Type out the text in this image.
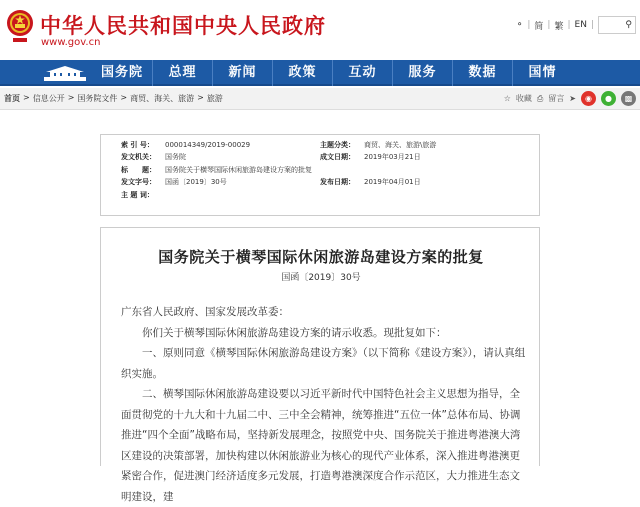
中华人民共和国中央人民政府
www.gov.cn
⚬ | 简 | 繁 | EN |	⚲
国务院	总理	新闻	政策	互动	服务	数据	国情
首页 > 信息公开 > 国务院文件 > 商贸、海关、旅游 > 旅游	☆ 收藏 ⎙ 留言 ➤	◉	●	▩
索 引 号：	000014349/2019-00029	主题分类：	商贸、海关、旅游\旅游
发文机关：	国务院	成文日期：	2019年03月21日
标　　题：	国务院关于横琴国际休闲旅游岛建设方案的批复
发文字号：	国函〔2019〕30号	发布日期：	2019年04月01日
主 题 词：
国务院关于横琴国际休闲旅游岛建设方案的批复
国函〔2019〕30号

广东省人民政府、国家发展改革委：

你们关于横琴国际休闲旅游岛建设方案的请示收悉。现批复如下：

一、原则同意《横琴国际休闲旅游岛建设方案》（以下简称《建设方案》），请认真组织实施。

二、横琴国际休闲旅游岛建设要以习近平新时代中国特色社会主义思想为指导，全面贯彻党的十九大和十九届二中、三中全会精神，统筹推进“五位一体”总体布局、协调推进“四个全面”战略布局，坚持新发展理念，按照党中央、国务院关于推进粤港澳大湾区建设的决策部署，加快构建以休闲旅游业为核心的现代产业体系，深入推进粤港澳更紧密合作，促进澳门经济适度多元发展，打造粤港澳深度合作示范区，大力推进生态文明建设，建
